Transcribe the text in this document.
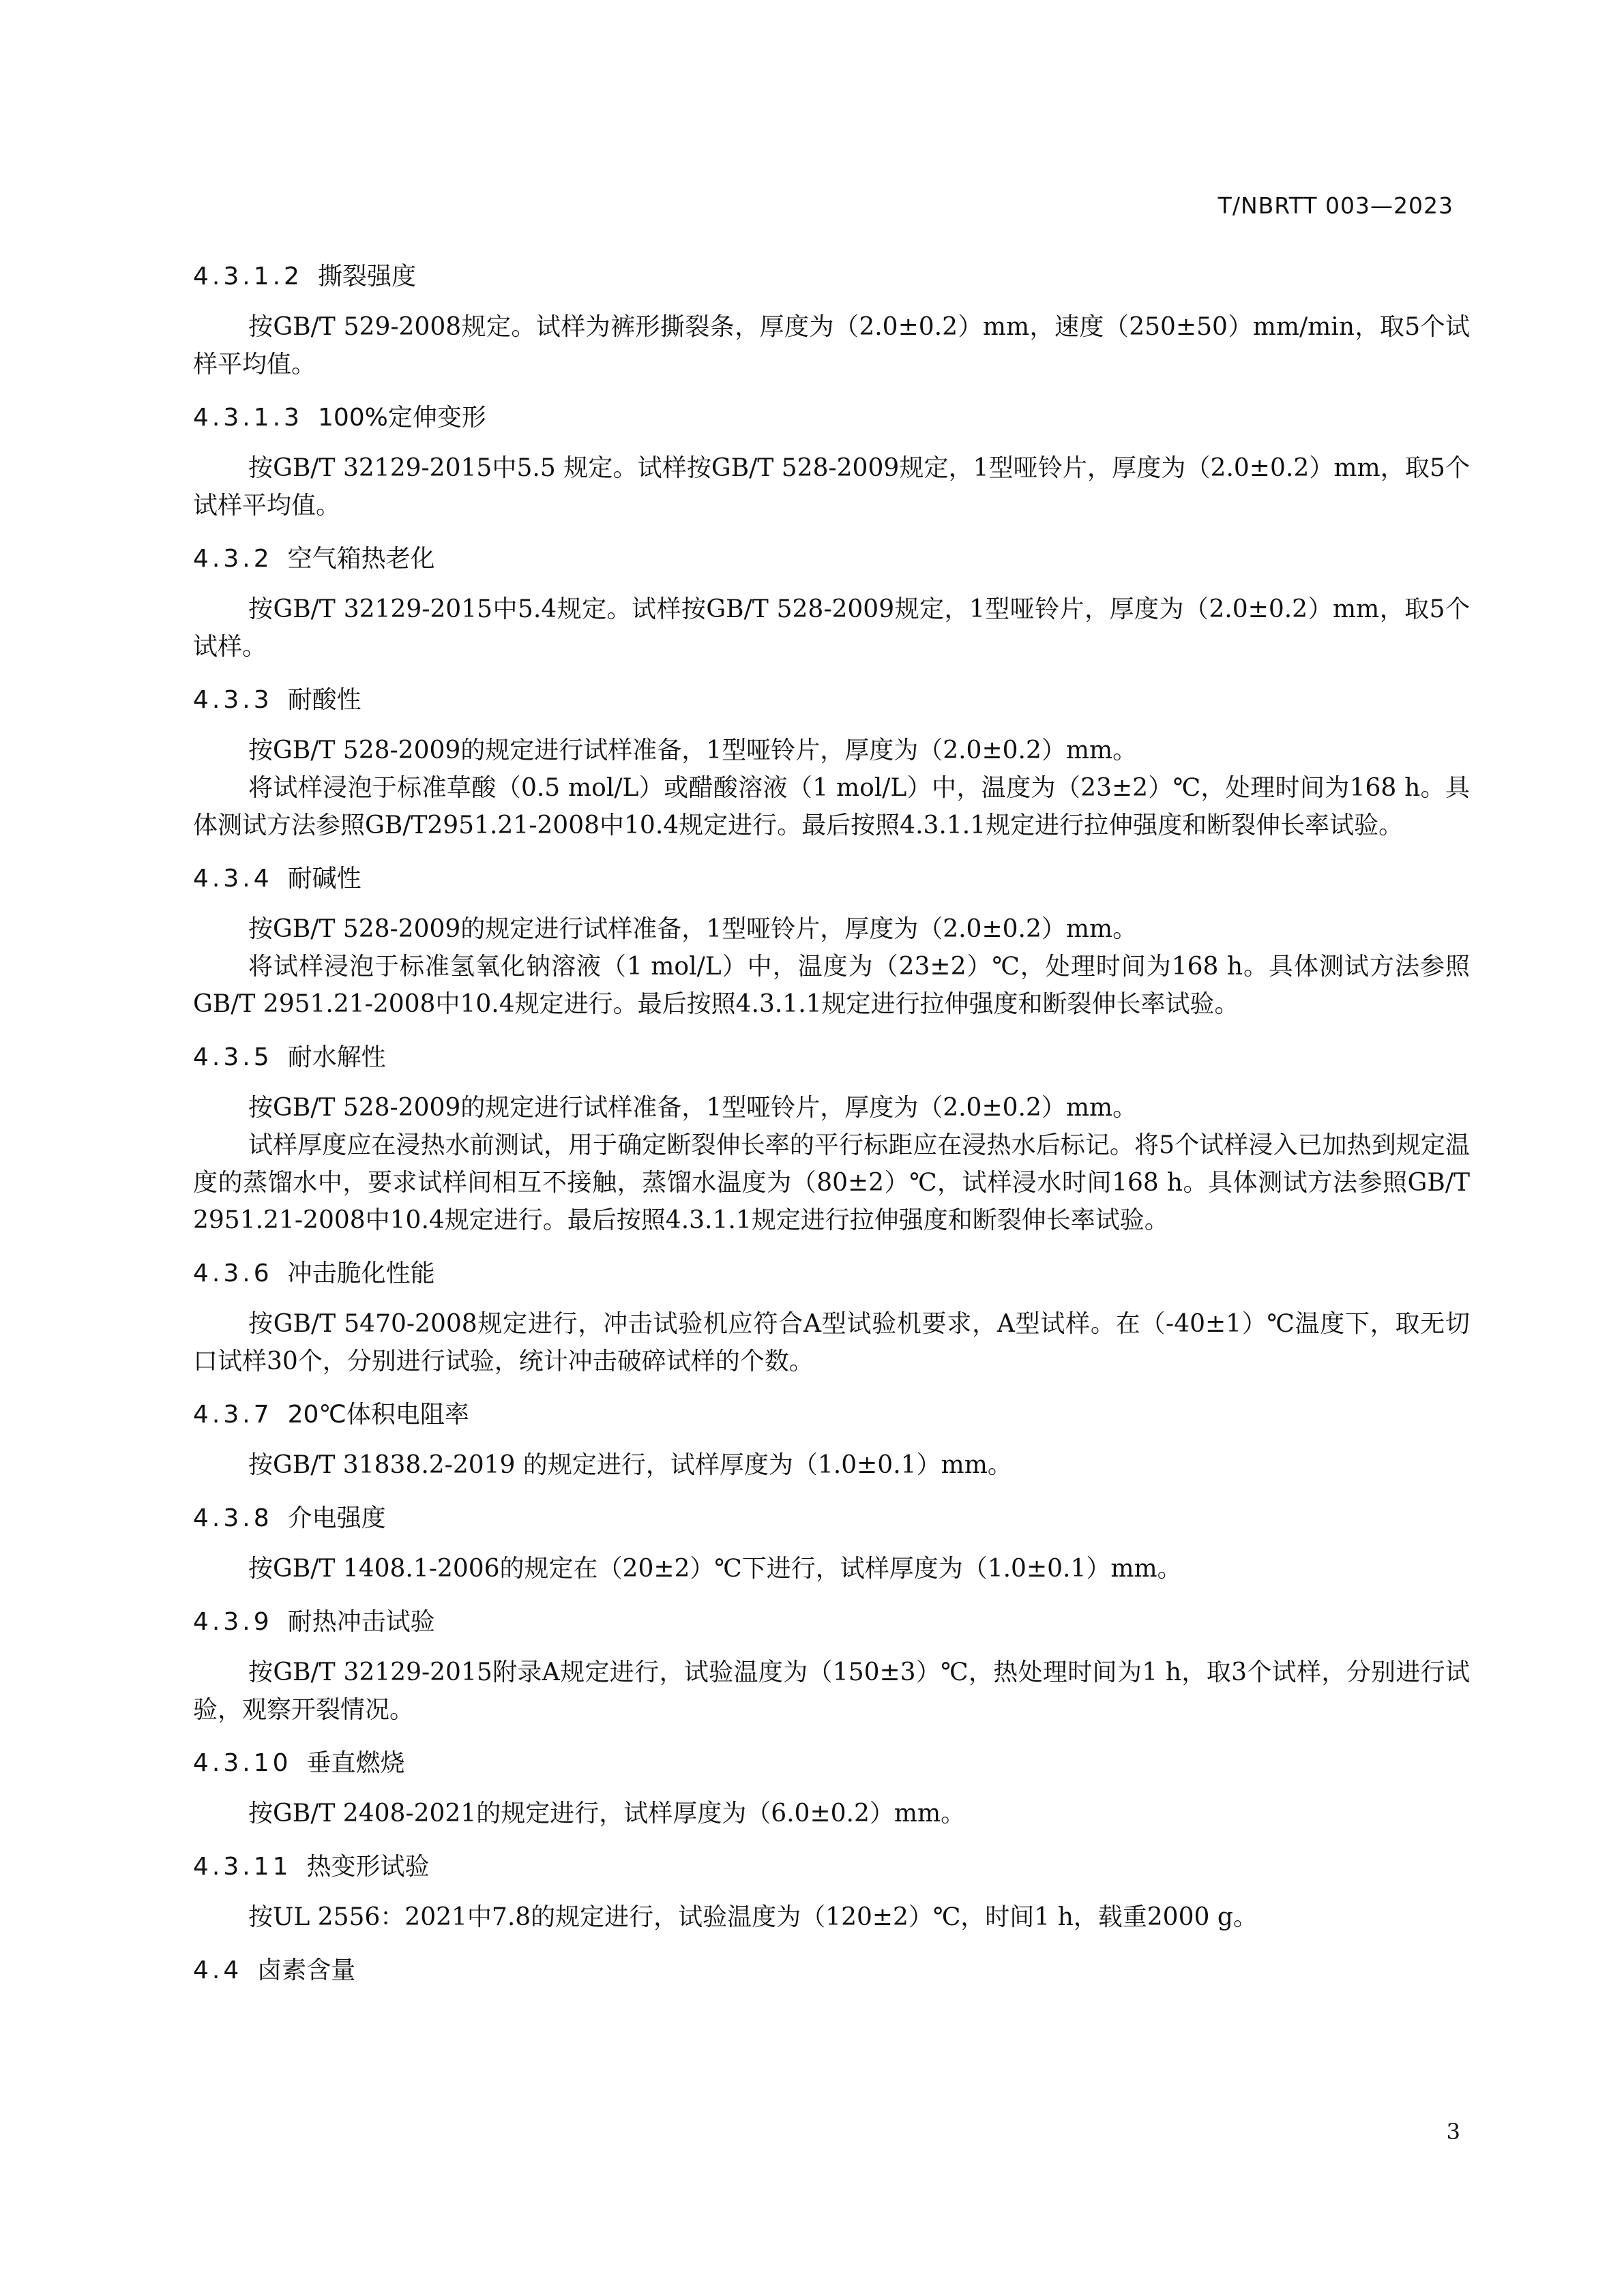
T/NBRTT 003—2023
4.3.1.2 撕裂强度

按GB/T 529-2008规定。试样为裤形撕裂条，厚度为（2.0±0.2）mm，速度（250±50）mm/min，取5个试样平均值。

4.3.1.3 100%定伸变形

按GB/T 32129-2015中5.5 规定。试样按GB/T 528-2009规定，1型哑铃片，厚度为（2.0±0.2）mm，取5个试样平均值。

4.3.2 空气箱热老化

按GB/T 32129-2015中5.4规定。试样按GB/T 528-2009规定，1型哑铃片，厚度为（2.0±0.2）mm，取5个试样。

4.3.3 耐酸性

按GB/T 528-2009的规定进行试样准备，1型哑铃片，厚度为（2.0±0.2）mm。

将试样浸泡于标准草酸（0.5 mol/L）或醋酸溶液（1 mol/L）中，温度为（23±2）℃，处理时间为168 h。具体测试方法参照GB/T2951.21-2008中10.4规定进行。最后按照4.3.1.1规定进行拉伸强度和断裂伸长率试验。

4.3.4 耐碱性

按GB/T 528-2009的规定进行试样准备，1型哑铃片，厚度为（2.0±0.2）mm。

将试样浸泡于标准氢氧化钠溶液（1 mol/L）中，温度为（23±2）℃，处理时间为168 h。具体测试方法参照GB/T 2951.21-2008中10.4规定进行。最后按照4.3.1.1规定进行拉伸强度和断裂伸长率试验。

4.3.5 耐水解性

按GB/T 528-2009的规定进行试样准备，1型哑铃片，厚度为（2.0±0.2）mm。

试样厚度应在浸热水前测试，用于确定断裂伸长率的平行标距应在浸热水后标记。将5个试样浸入已加热到规定温度的蒸馏水中，要求试样间相互不接触，蒸馏水温度为（80±2）℃，试样浸水时间168 h。具体测试方法参照GB/T 2951.21-2008中10.4规定进行。最后按照4.3.1.1规定进行拉伸强度和断裂伸长率试验。

4.3.6 冲击脆化性能

按GB/T 5470-2008规定进行，冲击试验机应符合A型试验机要求，A型试样。在（-40±1）℃温度下，取无切口试样30个，分别进行试验，统计冲击破碎试样的个数。

4.3.7 20℃体积电阻率

按GB/T 31838.2-2019 的规定进行，试样厚度为（1.0±0.1）mm。

4.3.8 介电强度

按GB/T 1408.1-2006的规定在（20±2）℃下进行，试样厚度为（1.0±0.1）mm。

4.3.9 耐热冲击试验

按GB/T 32129-2015附录A规定进行，试验温度为（150±3）℃，热处理时间为1 h，取3个试样，分别进行试验，观察开裂情况。

4.3.10 垂直燃烧

按GB/T 2408-2021的规定进行，试样厚度为（6.0±0.2）mm。

4.3.11 热变形试验

按UL 2556：2021中7.8的规定进行，试验温度为（120±2）℃，时间1 h，载重2000 g。

4.4 卤素含量
3
